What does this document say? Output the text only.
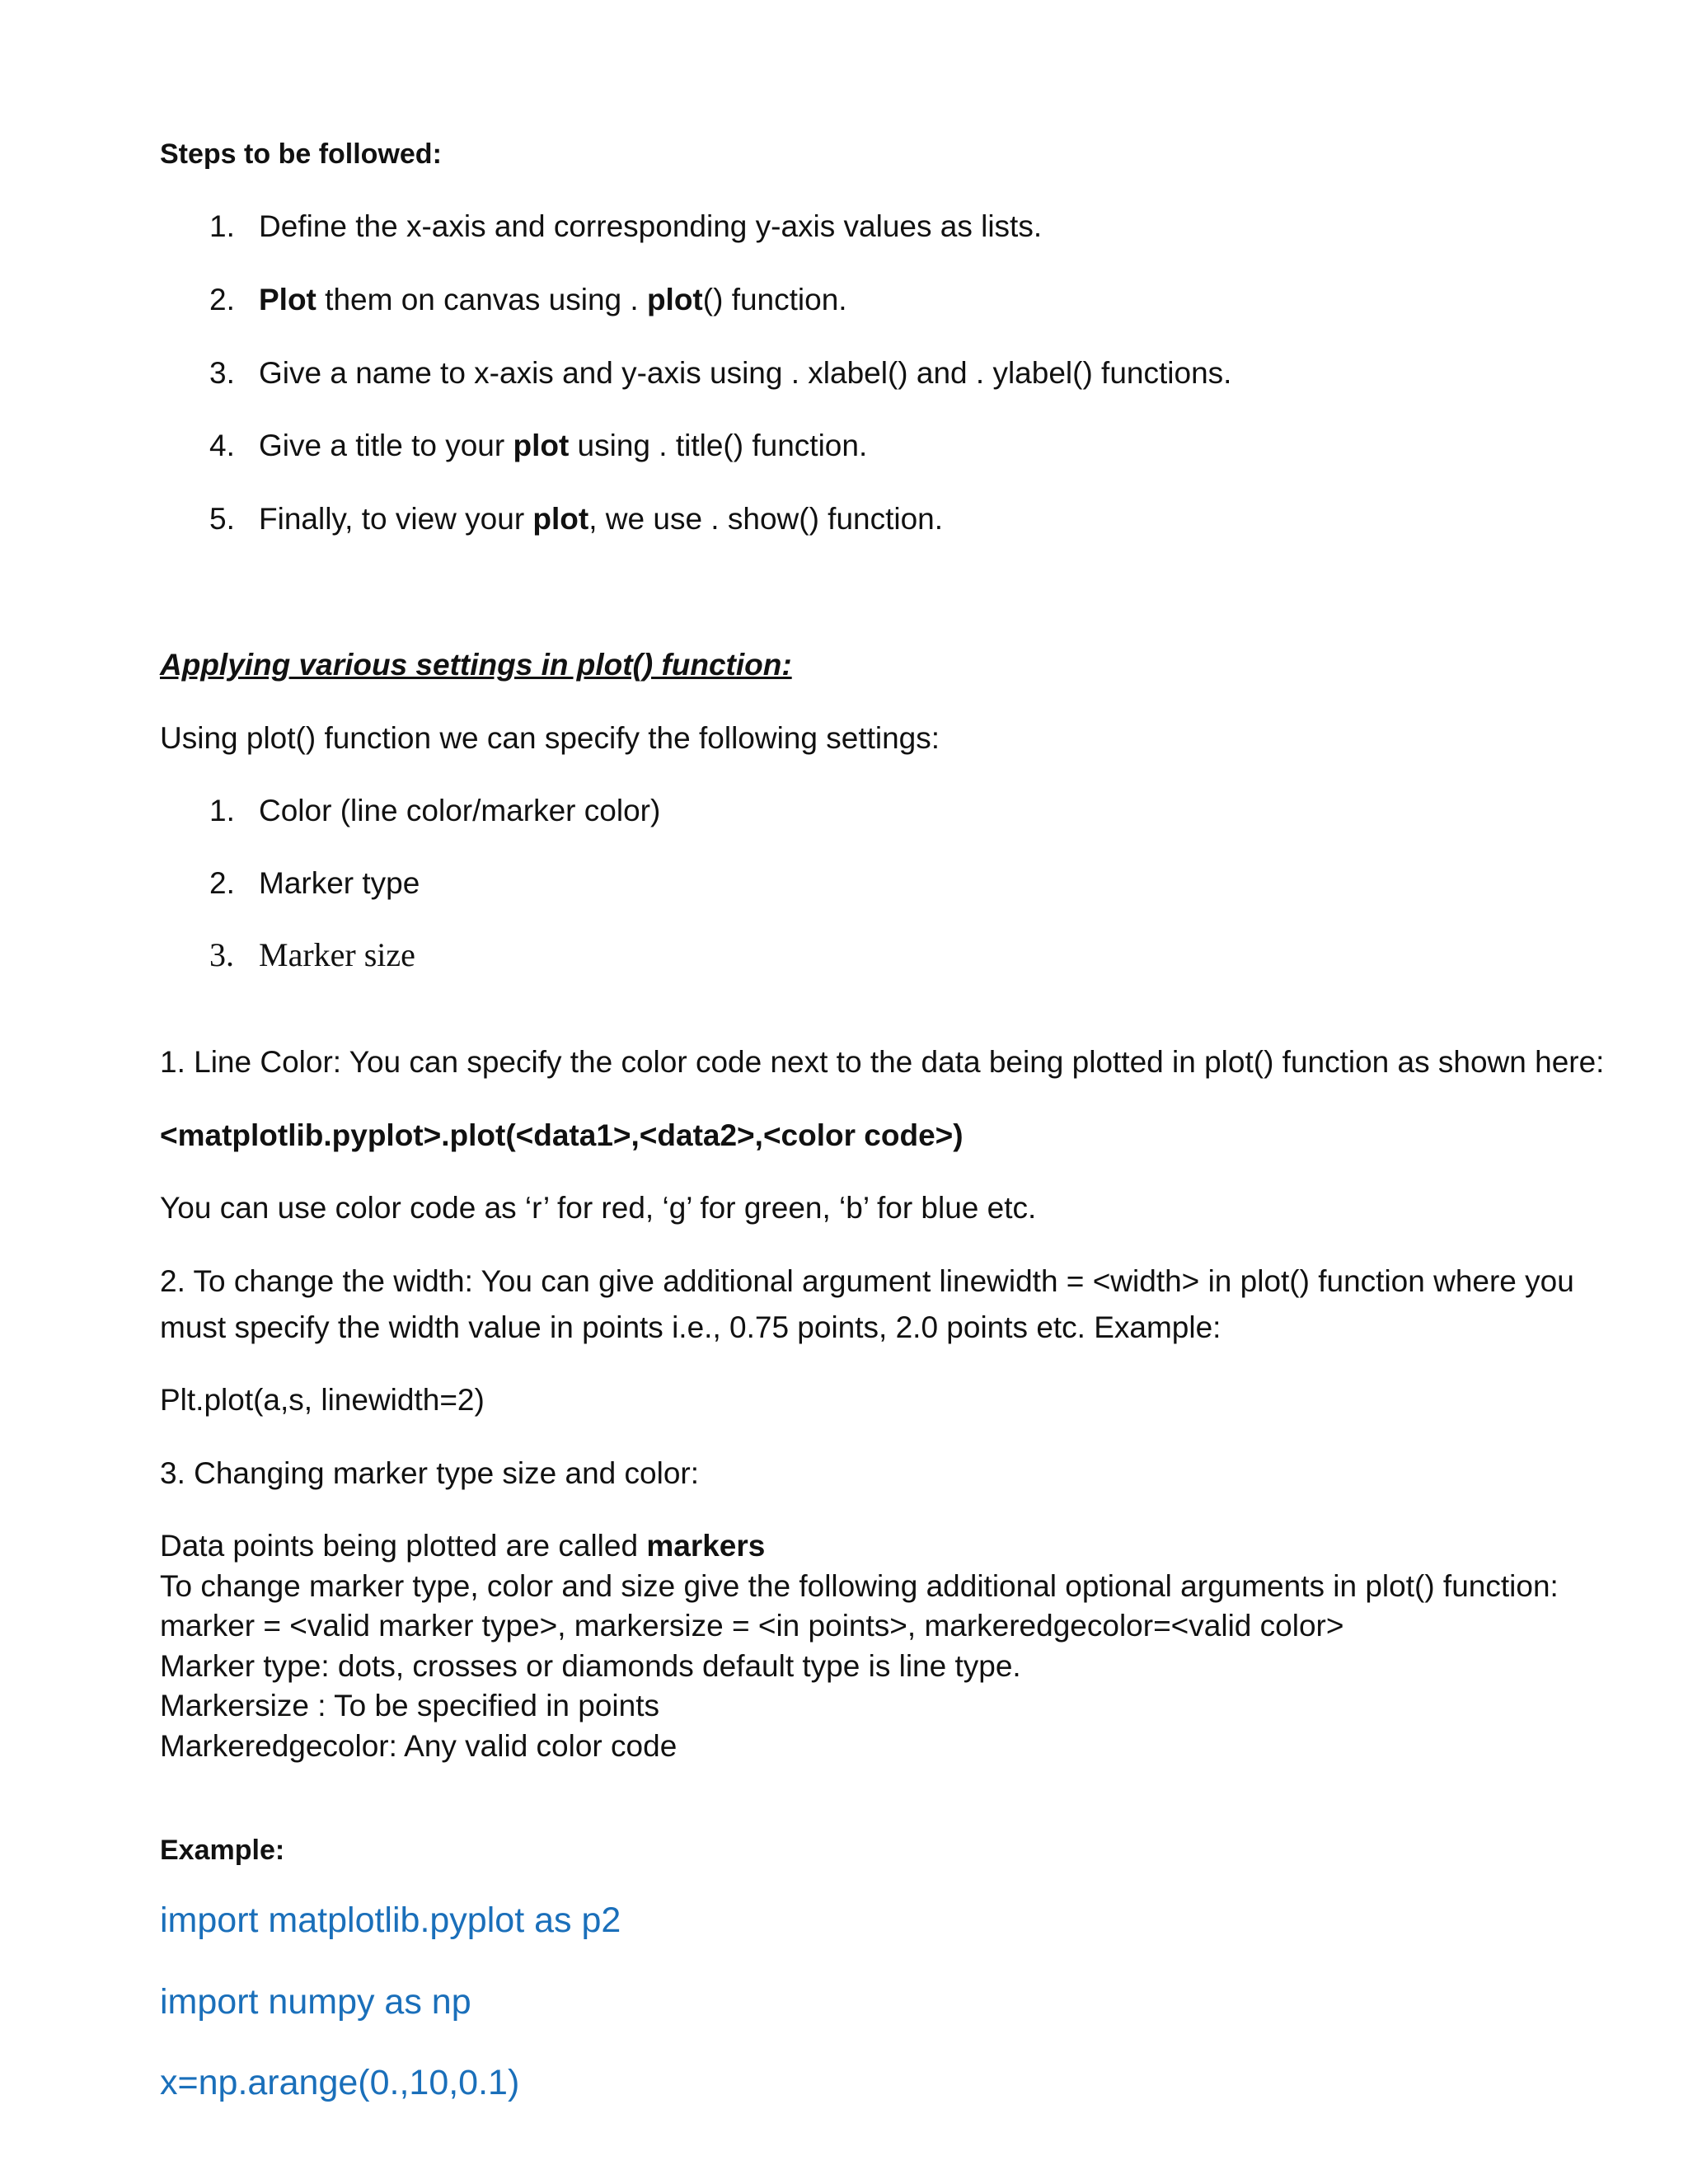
Steps to be followed:
1. Define the x-axis and corresponding y-axis values as lists.
2. Plot them on canvas using . plot() function.
3. Give a name to x-axis and y-axis using . xlabel() and . ylabel() functions.
4. Give a title to your plot using . title() function.
5. Finally, to view your plot, we use . show() function.
Applying various settings in plot() function:
Using plot() function we can specify the following settings:
1. Color (line color/marker color)
2. Marker type
3. Marker size
1. Line Color: You can specify the color code next to the data being plotted in plot() function as shown here:
<matplotlib.pyplot>.plot(<data1>,<data2>,<color code>)
You can use color code as ‘r’ for red, ‘g’ for green, ‘b’ for blue etc.
2. To change the width: You can give additional argument linewidth = <width> in plot() function where you
must specify the width value in points i.e., 0.75 points, 2.0 points etc. Example:
Plt.plot(a,s, linewidth=2)
3. Changing marker type size and color:
Data points being plotted are called markers
To change marker type, color and size give the following additional optional arguments in plot() function:
marker = <valid marker type>, markersize = <in points>, markeredgecolor=<valid color>
Marker type: dots, crosses or diamonds default type is line type.
Markersize : To be specified in points
Markeredgecolor: Any valid color code
Example:
import matplotlib.pyplot as p2
import numpy as np
x=np.arange(0.,10,0.1)
